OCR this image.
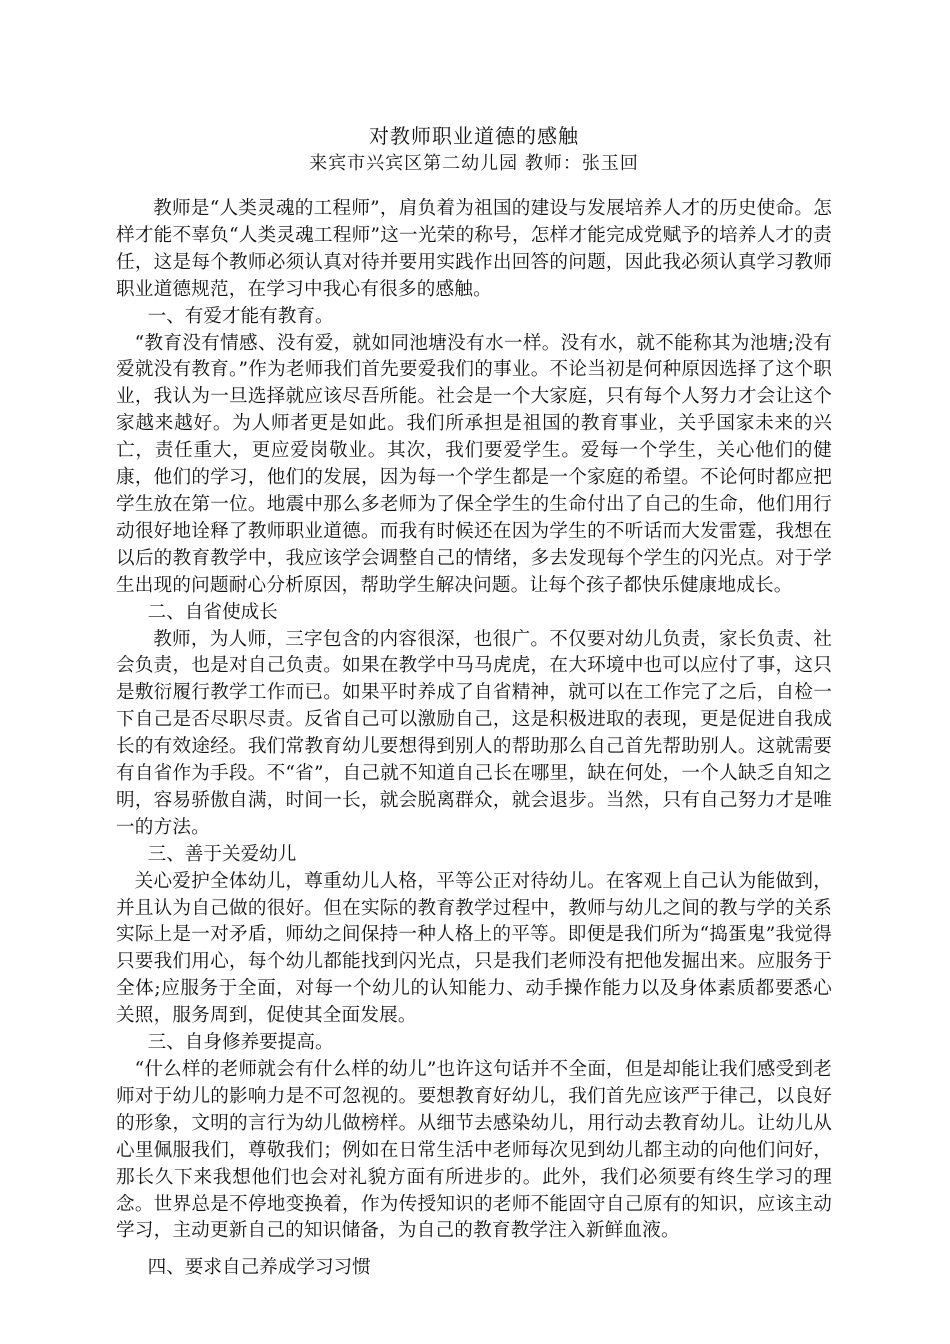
对教师职业道德的感触

来宾市兴宾区第二幼儿园 教师：张玉回

教师是“人类灵魂的工程师”，肩负着为祖国的建设与发展培养人才的历史使命。怎样才能不辜负“人类灵魂工程师”这一光荣的称号，怎样才能完成党赋予的培养人才的责任，这是每个教师必须认真对待并要用实践作出回答的问题，因此我必须认真学习教师职业道德规范，在学习中我心有很多的感触。

一、有爱才能有教育。

“教育没有情感、没有爱，就如同池塘没有水一样。没有水，就不能称其为池塘;没有爱就没有教育。”作为老师我们首先要爱我们的事业。不论当初是何种原因选择了这个职业，我认为一旦选择就应该尽吾所能。社会是一个大家庭，只有每个人努力才会让这个家越来越好。为人师者更是如此。我们所承担是祖国的教育事业，关乎国家未来的兴亡，责任重大，更应爱岗敬业。其次，我们要爱学生。爱每一个学生，关心他们的健康，他们的学习，他们的发展，因为每一个学生都是一个家庭的希望。不论何时都应把学生放在第一位。地震中那么多老师为了保全学生的生命付出了自己的生命，他们用行动很好地诠释了教师职业道德。而我有时候还在因为学生的不听话而大发雷霆，我想在以后的教育教学中，我应该学会调整自己的情绪，多去发现每个学生的闪光点。对于学生出现的问题耐心分析原因，帮助学生解决问题。让每个孩子都快乐健康地成长。

二、自省使成长

教师，为人师，三字包含的内容很深，也很广。不仅要对幼儿负责，家长负责、社会负责，也是对自己负责。如果在教学中马马虎虎，在大环境中也可以应付了事，这只是敷衍履行教学工作而已。如果平时养成了自省精神，就可以在工作完了之后，自检一下自己是否尽职尽责。反省自己可以激励自己，这是积极进取的表现，更是促进自我成长的有效途经。我们常教育幼儿要想得到别人的帮助那么自己首先帮助别人。这就需要有自省作为手段。不“省”，自己就不知道自己长在哪里，缺在何处，一个人缺乏自知之明，容易骄傲自满，时间一长，就会脱离群众，就会退步。当然，只有自己努力才是唯一的方法。

三、善于关爱幼儿

关心爱护全体幼儿，尊重幼儿人格，平等公正对待幼儿。在客观上自己认为能做到，并且认为自己做的很好。但在实际的教育教学过程中，教师与幼儿之间的教与学的关系实际上是一对矛盾，师幼之间保持一种人格上的平等。即便是我们所为“捣蛋鬼”我觉得只要我们用心，每个幼儿都能找到闪光点，只是我们老师没有把他发掘出来。应服务于全体;应服务于全面，对每一个幼儿的认知能力、动手操作能力以及身体素质都要悉心关照，服务周到，促使其全面发展。

三、自身修养要提高。

“什么样的老师就会有什么样的幼儿”也许这句话并不全面，但是却能让我们感受到老师对于幼儿的影响力是不可忽视的。要想教育好幼儿，我们首先应该严于律己，以良好的形象，文明的言行为幼儿做榜样。从细节去感染幼儿，用行动去教育幼儿。让幼儿从心里佩服我们，尊敬我们；例如在日常生活中老师每次见到幼儿都主动的向他们问好，那长久下来我想他们也会对礼貌方面有所进步的。此外，我们必须要有终生学习的理念。世界总是不停地变换着，作为传授知识的老师不能固守自己原有的知识，应该主动学习，主动更新自己的知识储备，为自己的教育教学注入新鲜血液。

四、要求自己养成学习习惯
